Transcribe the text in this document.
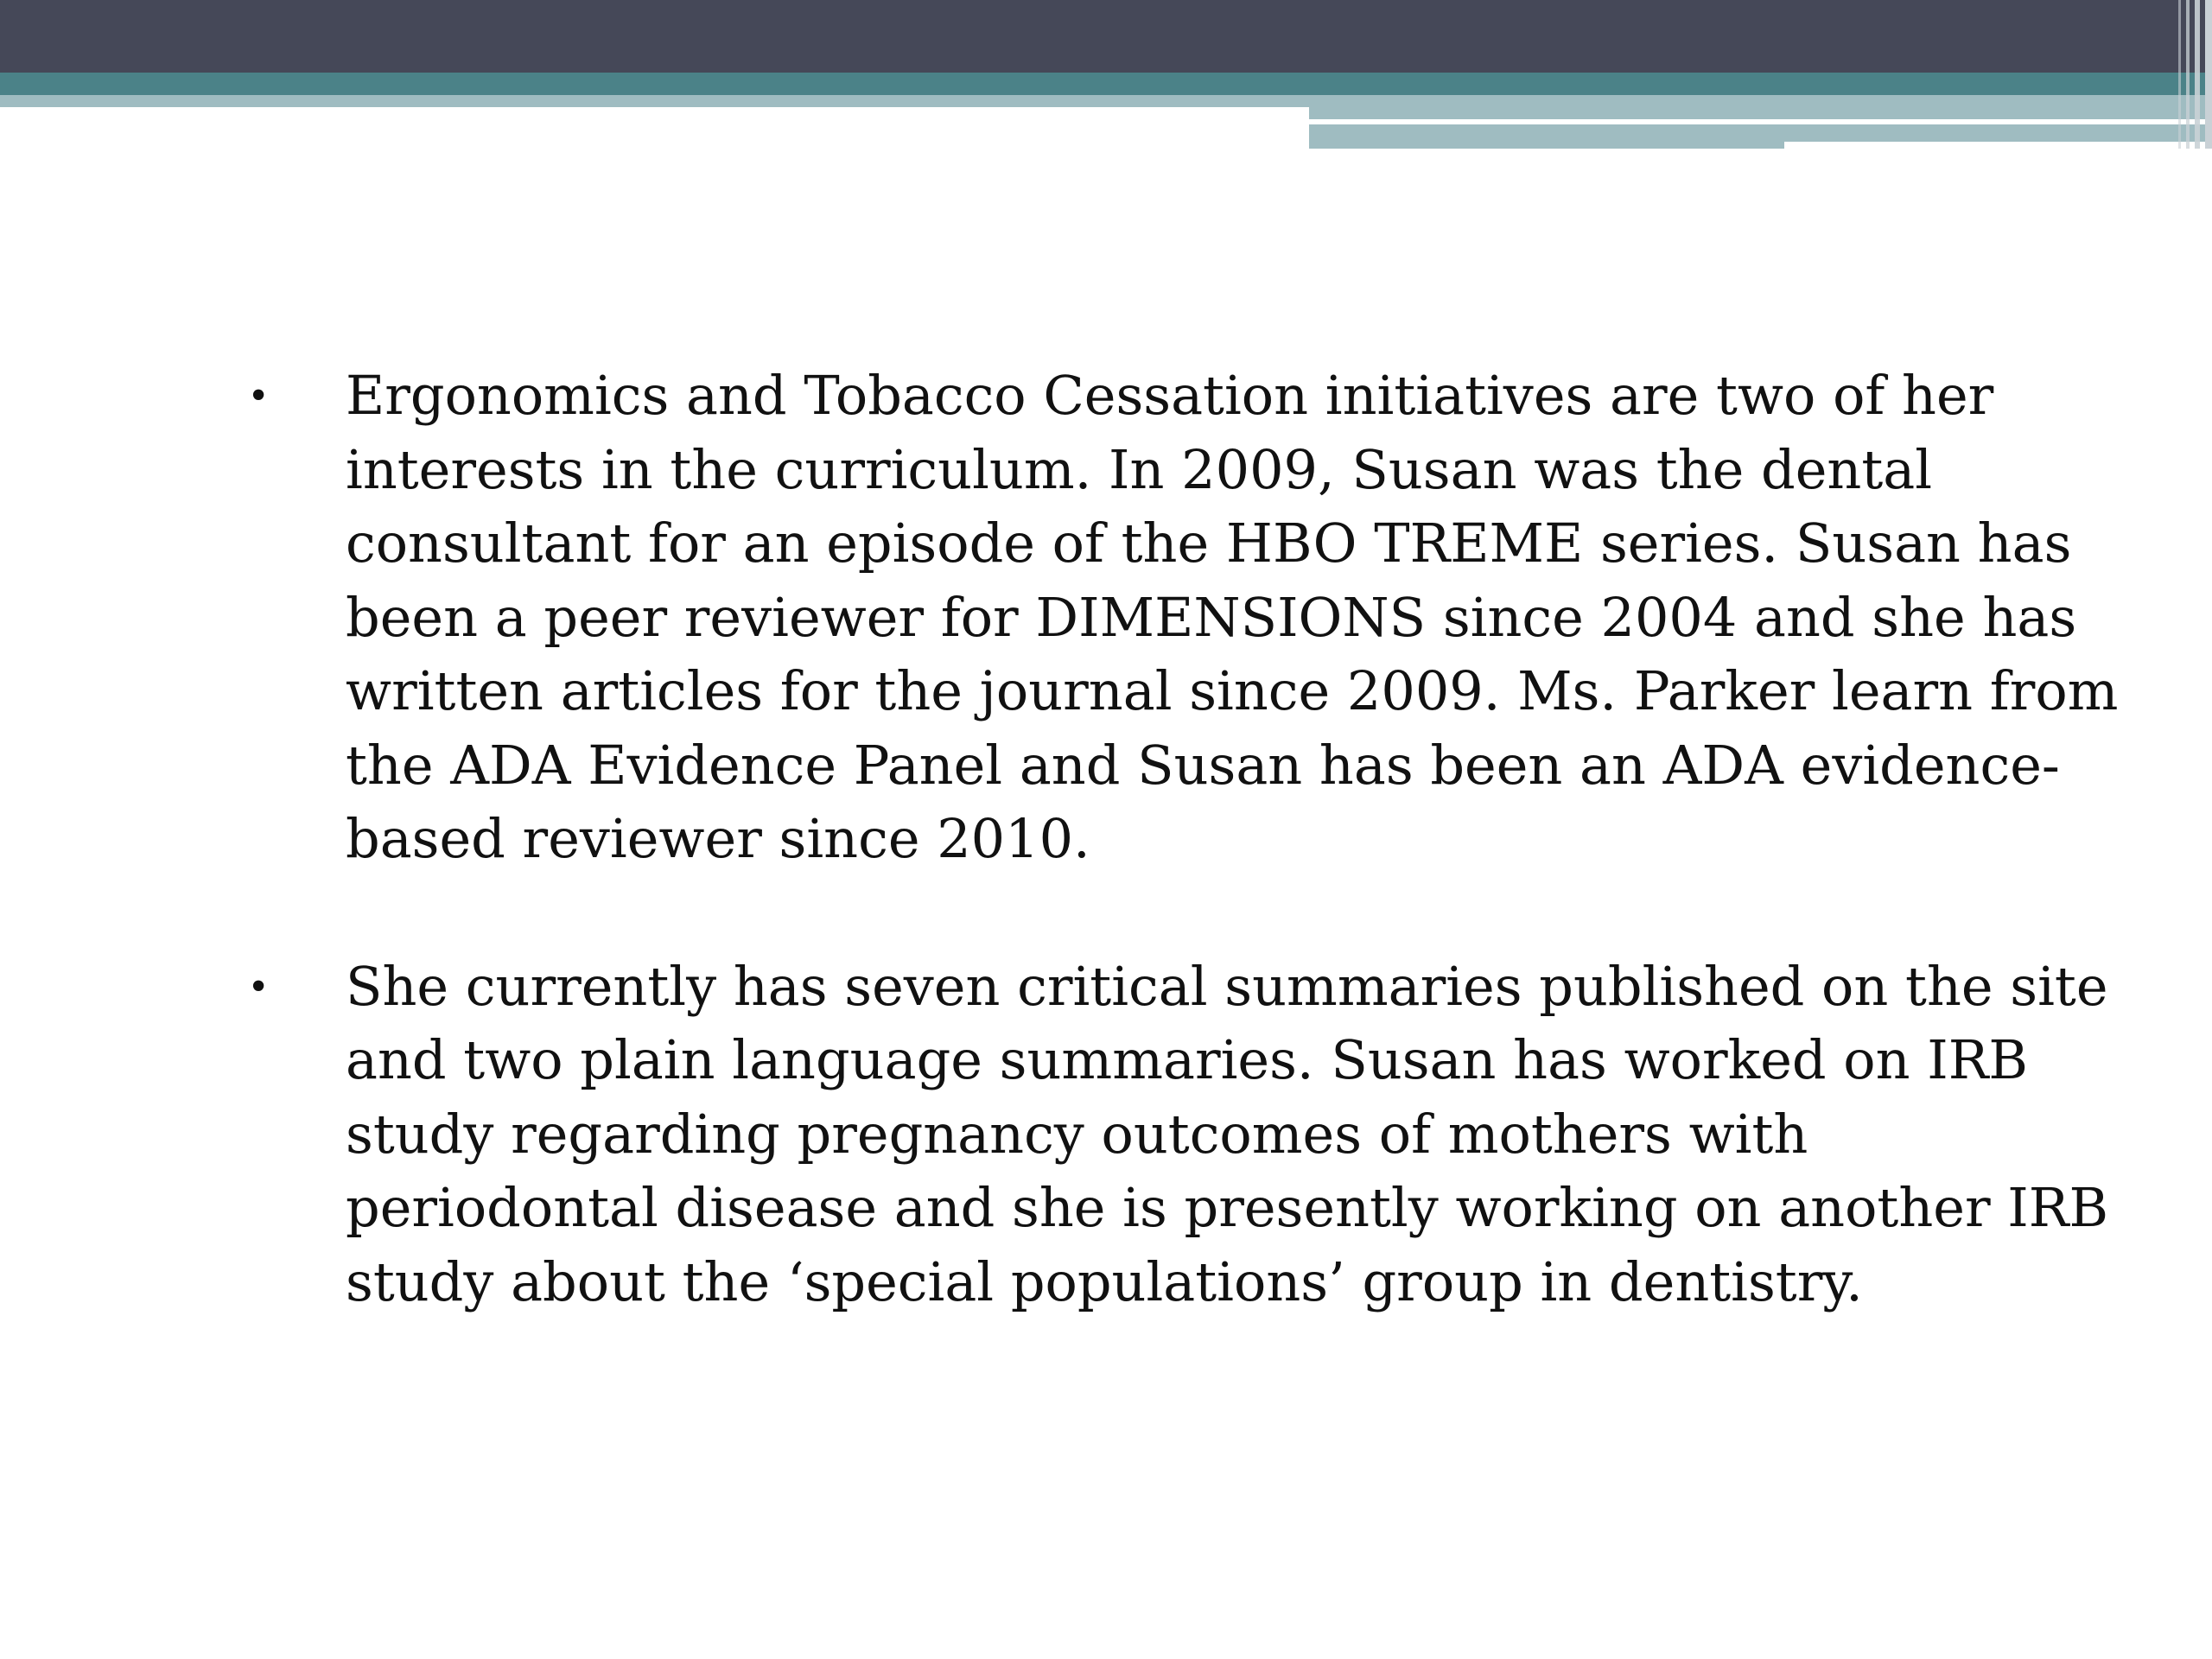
•	Ergonomics and Tobacco Cessation initiatives are two of her interests in the curriculum. In 2009, Susan was the dental consultant for an episode of the HBO TREME series. Susan has been a peer reviewer for DIMENSIONS since 2004 and she has written articles for the journal since 2009. Ms. Parker learn from the ADA Evidence Panel and Susan has been an ADA evidence-based reviewer since 2010.

•	She currently has seven critical summaries published on the site and two plain language summaries. Susan has worked on IRB study regarding pregnancy outcomes of mothers with periodontal disease and she is presently working on another IRB study about the ‘special populations’ group in dentistry.
